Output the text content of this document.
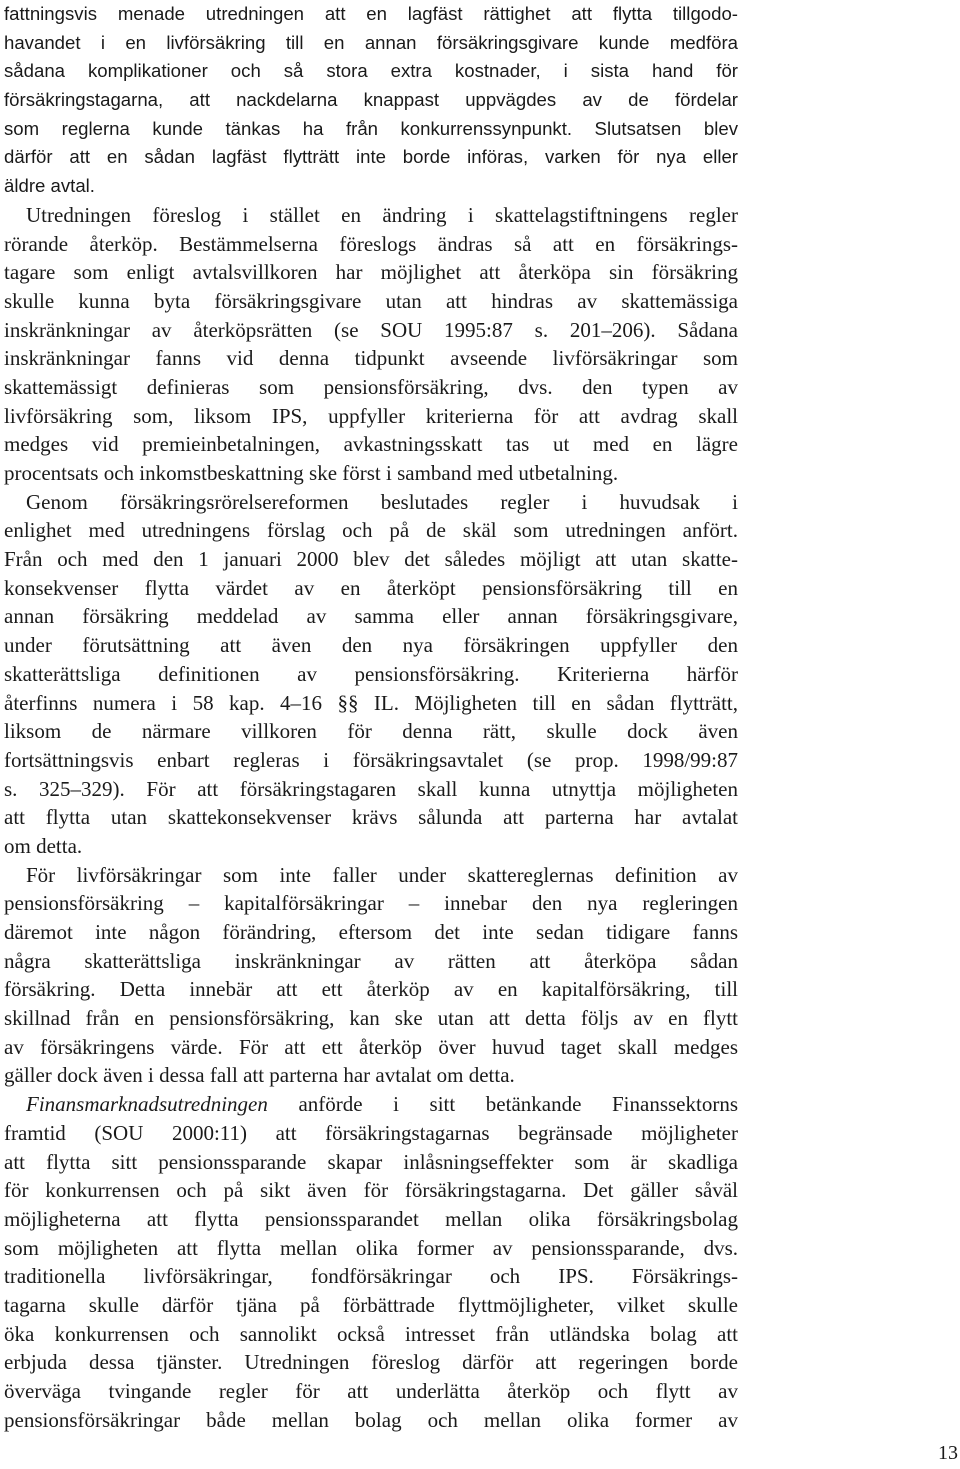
fattningsvis menade utredningen att en lagfäst rättighet att flytta tillgodo-
havandet i en livförsäkring till en annan försäkringsgivare kunde medföra
sådana komplikationer och så stora extra kostnader, i sista hand för
försäkringstagarna, att nackdelarna knappast uppvägdes av de fördelar
som reglerna kunde tänkas ha från konkurrenssynpunkt. Slutsatsen blev
därför att en sådan lagfäst flytträtt inte borde införas, varken för nya eller
äldre avtal.
Utredningen föreslog i stället en ändring i skattelagstiftningens regler
rörande återköp. Bestämmelserna föreslogs ändras så att en försäkrings-
tagare som enligt avtalsvillkoren har möjlighet att återköpa sin försäkring
skulle kunna byta försäkringsgivare utan att hindras av skattemässiga
inskränkningar av återköpsrätten (se SOU 1995:87 s. 201–206). Sådana
inskränkningar fanns vid denna tidpunkt avseende livförsäkringar som
skattemässigt definieras som pensionsförsäkring, dvs. den typen av
livförsäkring som, liksom IPS, uppfyller kriterierna för att avdrag skall
medges vid premieinbetalningen, avkastningsskatt tas ut med en lägre
procentsats och inkomstbeskattning ske först i samband med utbetalning.
Genom försäkringsrörelsereformen beslutades regler i huvudsak i
enlighet med utredningens förslag och på de skäl som utredningen anfört.
Från och med den 1 januari 2000 blev det således möjligt att utan skatte-
konsekvenser flytta värdet av en återköpt pensionsförsäkring till en
annan försäkring meddelad av samma eller annan försäkringsgivare,
under förutsättning att även den nya försäkringen uppfyller den
skatterättsliga definitionen av pensionsförsäkring. Kriterierna härför
återfinns numera i 58 kap. 4–16 §§ IL. Möjligheten till en sådan flytträtt,
liksom de närmare villkoren för denna rätt, skulle dock även
fortsättningsvis enbart regleras i försäkringsavtalet (se prop. 1998/99:87
s. 325–329). För att försäkringstagaren skall kunna utnyttja möjligheten
att flytta utan skattekonsekvenser krävs sålunda att parterna har avtalat
om detta.
För livförsäkringar som inte faller under skattereglernas definition av
pensionsförsäkring – kapitalförsäkringar – innebar den nya regleringen
däremot inte någon förändring, eftersom det inte sedan tidigare fanns
några skatterättsliga inskränkningar av rätten att återköpa sådan
försäkring. Detta innebär att ett återköp av en kapitalförsäkring, till
skillnad från en pensionsförsäkring, kan ske utan att detta följs av en flytt
av försäkringens värde. För att ett återköp över huvud taget skall medges
gäller dock även i dessa fall att parterna har avtalat om detta.
Finansmarknadsutredningen anförde i sitt betänkande Finanssektorns
framtid (SOU 2000:11) att försäkringstagarnas begränsade möjligheter
att flytta sitt pensionssparande skapar inlåsningseffekter som är skadliga
för konkurrensen och på sikt även för försäkringstagarna. Det gäller såväl
möjligheterna att flytta pensionssparandet mellan olika försäkringsbolag
som möjligheten att flytta mellan olika former av pensionssparande, dvs.
traditionella livförsäkringar, fondförsäkringar och IPS. Försäkrings-
tagarna skulle därför tjäna på förbättrade flyttmöjligheter, vilket skulle
öka konkurrensen och sannolikt också intresset från utländska bolag att
erbjuda dessa tjänster. Utredningen föreslog därför att regeringen borde
överväga tvingande regler för att underlätta återköp och flytt av
pensionsförsäkringar både mellan bolag och mellan olika former av
13
